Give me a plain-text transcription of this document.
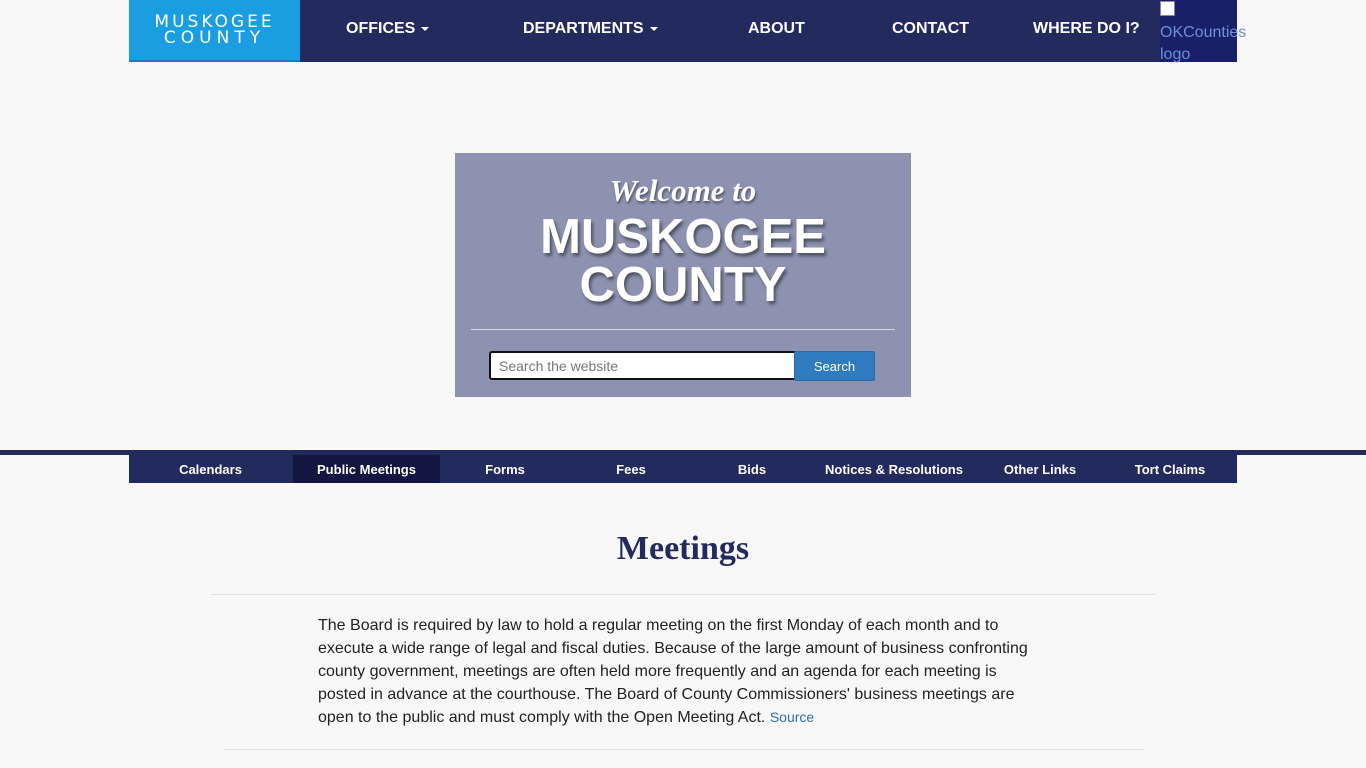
MUSKOGEE
COUNTY	OFFICES	DEPARTMENTS	ABOUT	CONTACT	WHERE DO I? OKCounties logo
Welcome to
MUSKOGEE
COUNTY
Search the website
Search
Calendars	Public Meetings	Forms	Fees	Bids	Notices & Resolutions	Other Links	Tort Claims
Meetings
The Board is required by law to hold a regular meeting on the first Monday of each month and to execute a wide range of legal and fiscal duties. Because of the large amount of business confronting county government, meetings are often held more frequently and an agenda for each meeting is posted in advance at the courthouse. The Board of County Commissioners' business meetings are open to the public and must comply with the Open Meeting Act. Source
